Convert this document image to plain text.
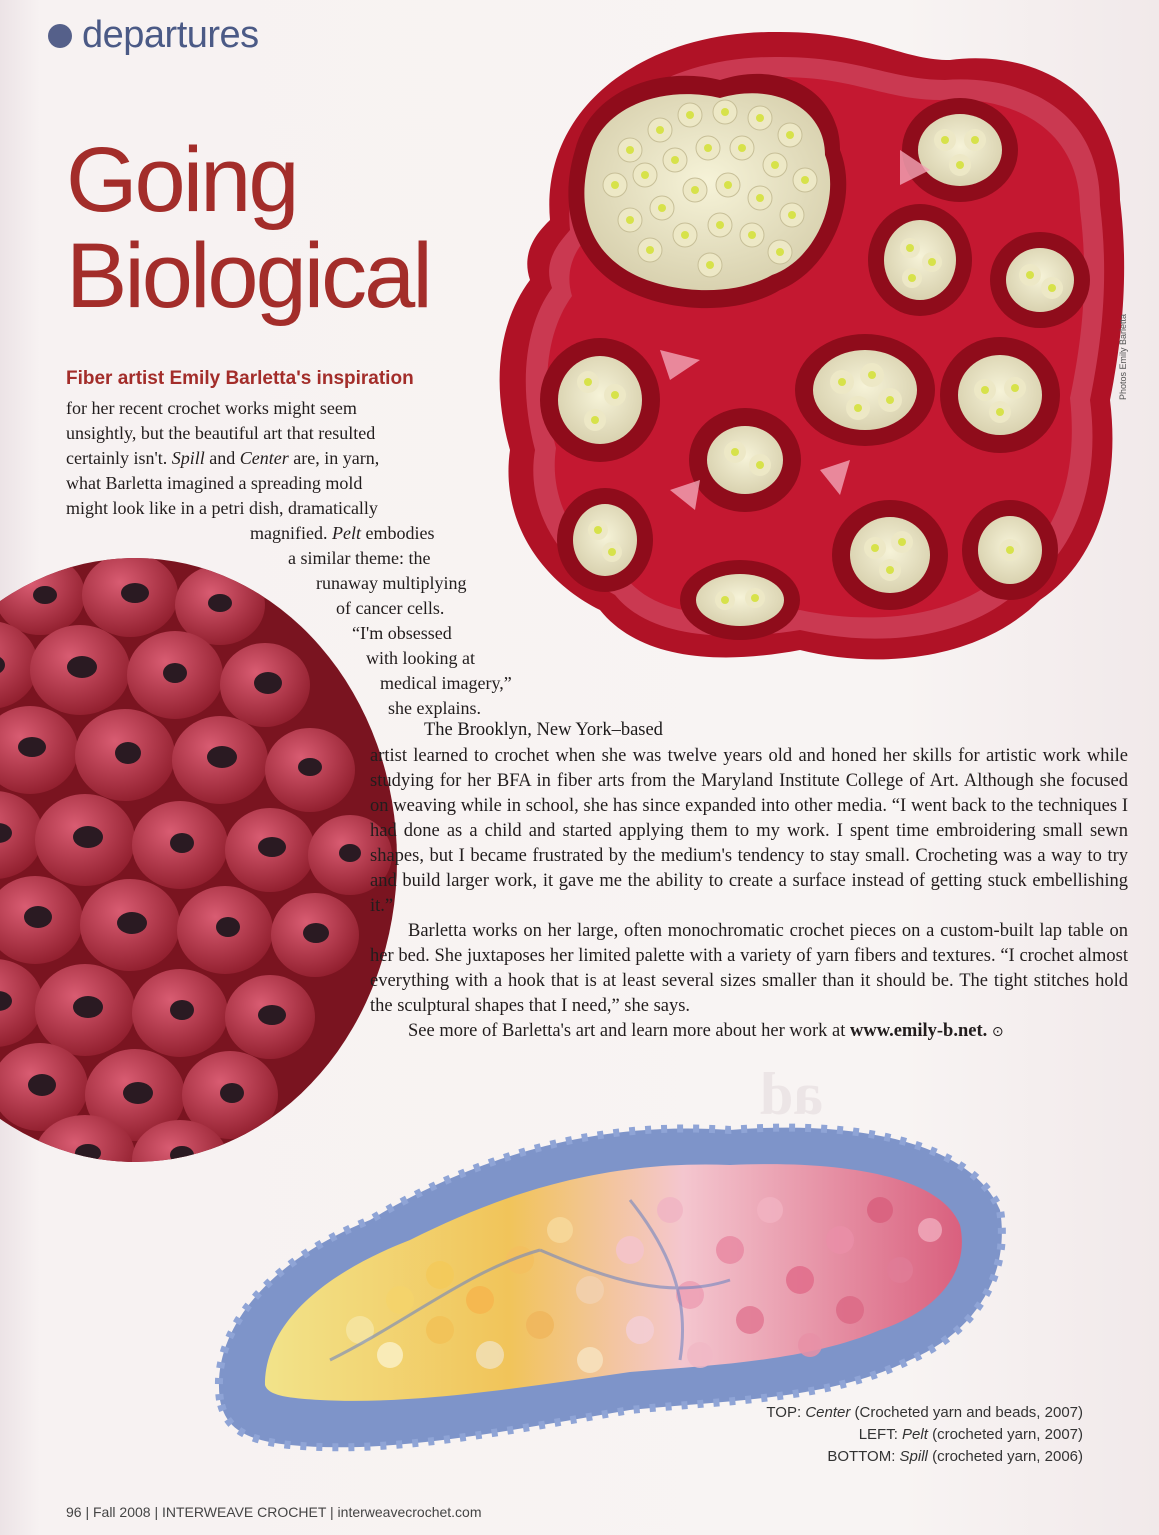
ad
departures
Going
Biological
Photos Emily Barletta
Fiber artist Emily Barletta's inspiration
for her recent crochet works might seem
unsightly, but the beautiful art that resulted
certainly isn't. Spill and Center are, in yarn,
what Barletta imagined a spreading mold
might look like in a petri dish, dramatically
magnified. Pelt embodies
a similar theme: the
runaway multiplying
of cancer cells.
“I'm obsessed
with looking at
medical imagery,”
she explains.
The Brooklyn, New York–based

artist learned to crochet when she was twelve years old and honed her skills for artistic work while studying for her BFA in fiber arts from the Maryland Institute College of Art. Although she focused on weaving while in school, she has since expanded into other media. “I went back to the techniques I had done as a child and started applying them to my work. I spent time embroidering small sewn shapes, but I became frustrated by the medium's tendency to stay small. Crocheting was a way to try and build larger work, it gave me the ability to create a surface instead of getting stuck embellishing it.”

Barletta works on her large, often monochromatic crochet pieces on a custom-built lap table on her bed. She juxtaposes her limited palette with a variety of yarn fibers and textures. “I crochet almost everything with a hook that is at least several sizes smaller than it should be. The tight stitches hold the sculptural shapes that I need,” she says.

See more of Barletta's art and learn more about her work at www.emily-b.net. ⊙

TOP: Center (Crocheted yarn and beads, 2007)
LEFT: Pelt (crocheted yarn, 2007)
BOTTOM: Spill (crocheted yarn, 2006)
96 | Fall 2008 | INTERWEAVE CROCHET | interweavecrochet.com
